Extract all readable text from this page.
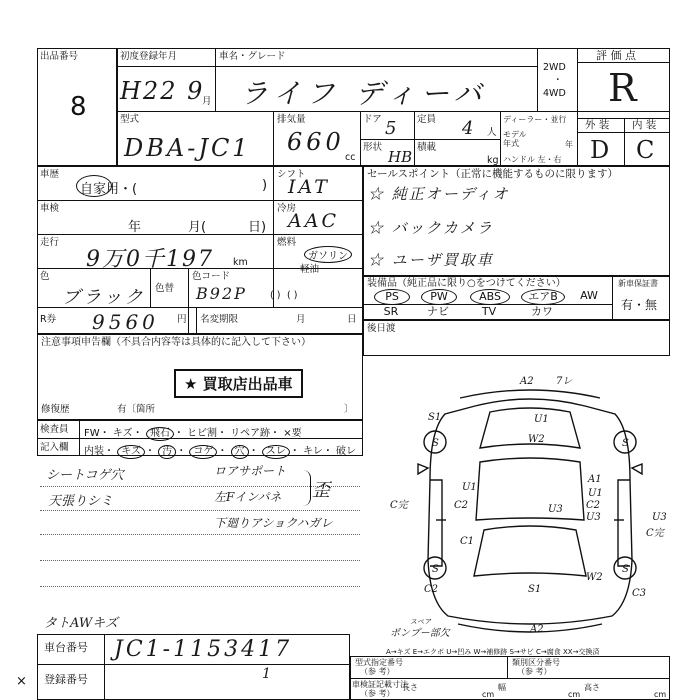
出品番号
8
初度登録年月
H22 9
月
車名・グレード
ライフ ディーバ
2WD
・
4WD
評 価 点
R
型式
DBA-JC1
排気量
660
cc
ドア 5 定員 4 人
形状
HB
積載
kg
ディーラー・並行
モデル 年式	年
ハンドル 左・右
外 装 内 装
D C
車歴
自家用・(	)
車検
年	月(	日)
走行
9万0千197 km
色
ブラック 色替
色コード
B92P ( )
R券 9560 円 名変期限	月	日
シフト
IAT
冷房
AAC
燃料
ガソリン
軽油
( )
セールスポイント（正常に機能するものに限ります）
☆ 純正オーディオ
☆ バックカメラ
☆ ユーザ買取車
装備品（純正品に限り○をつけてください）	新車保証書
有・無
PS	PW	ABS	エアB	AW
SR	ナビ	TV	カワ
後日渡
注意事項申告欄（不具合内容等は具体的に記入して下さい）
★ 買取店出品車
修復歴	有〔箇所	〕
検査員
記入欄
FW・ キズ・ 飛石 ・ ヒビ割・ リペア跡・ ×要
内装・ キズ ・ 汚 ・ コゲ ・ 穴 ・ スレ ・ キレ・ 破レ
シートコゲ穴
天張りシミ
ロアサポート
左Fインパネ
下廻りアショクハガレ
歪
タトAWキズ
A2 7レ
S1	U1
W2
S	S
U1
A1
C2
U1
C完
C1
U3
U3
C2
S1
W2
S	S
C2
A2
C3
U3
C完
ポンプー部欠
スペア
A→キズ E→エクボ U→凹み W→補修跡 S→サビ C→腐食 XX→交換済
車台番号 JC1-1153417
登録番号	1
×
型式指定番号
（参 考）
類別区分番号
（参 考）
車検証記載寸法
（参 考）
長さ
cm
幅
cm
高さ
cm
